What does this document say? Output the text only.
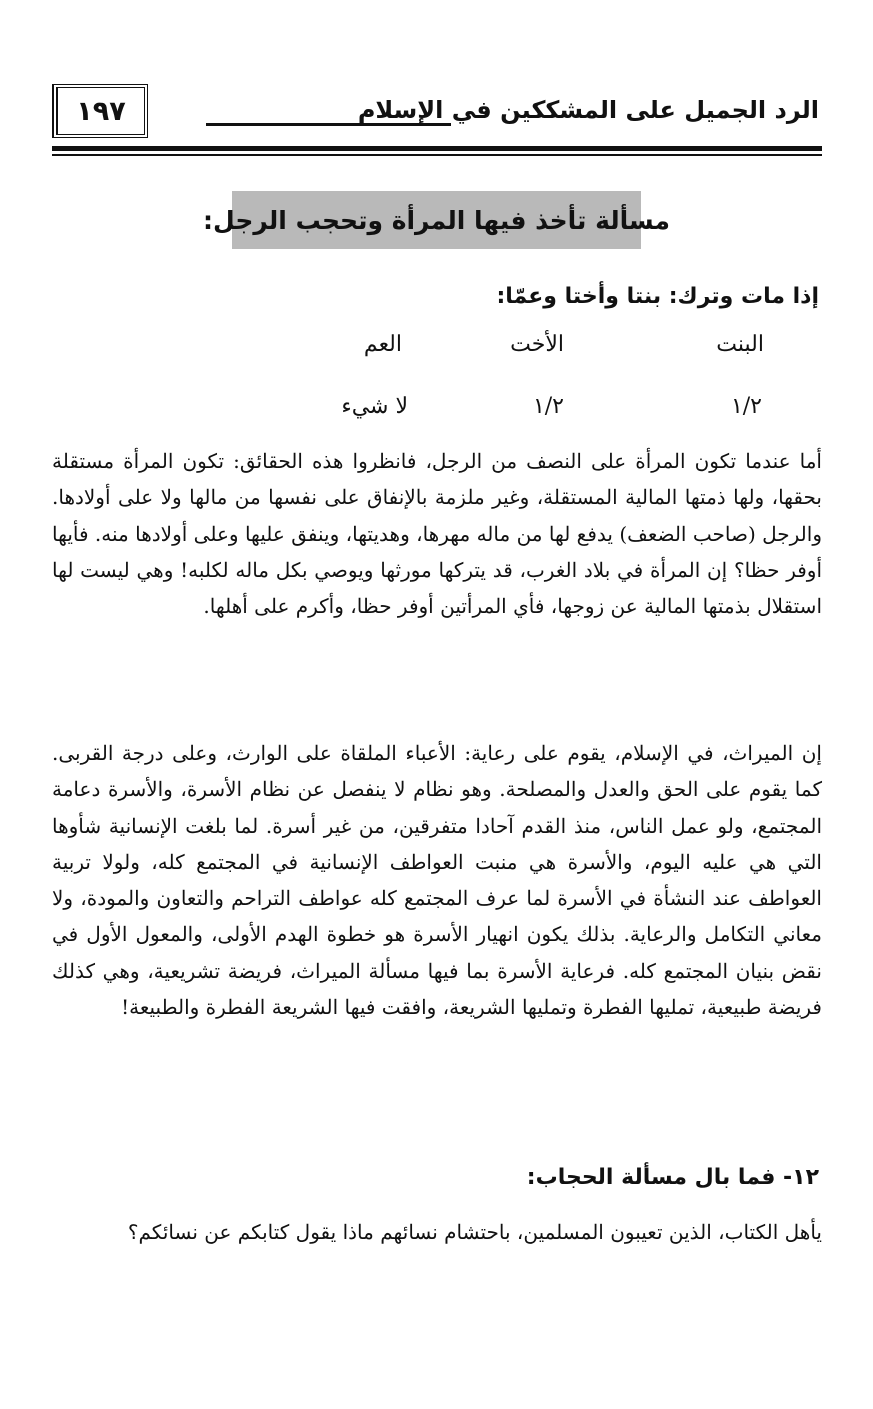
١٩٧	الرد الجميل على المشككين في الإسلام
مسألة تأخذ فيها المرأة وتحجب الرجل:
إذا مات وترك: بنتا وأختا وعمّا:
البنت
الأخت
العم
١/٢
١/٢
لا شيء
أما عندما تكون المرأة على النصف من الرجل، فانظروا هذه الحقائق: تكون المرأة مستقلة بحقها، ولها ذمتها المالية المستقلة، وغير ملزمة بالإنفاق على نفسها من مالها ولا على أولادها. والرجل (صاحب الضعف) يدفع لها من ماله مهرها، وهديتها، وينفق عليها وعلى أولادها منه. فأيها أوفر حظا؟ إن المرأة في بلاد الغرب، قد يتركها مورثها ويوصي بكل ماله لكلبه! وهي ليست لها استقلال بذمتها المالية عن زوجها، فأي المرأتين أوفر حظا، وأكرم على أهلها.
إن الميراث، في الإسلام، يقوم على رعاية: الأعباء الملقاة على الوارث، وعلى درجة القربى. كما يقوم على الحق والعدل والمصلحة. وهو نظام لا ينفصل عن نظام الأسرة، والأسرة دعامة المجتمع، ولو عمل الناس، منذ القدم آحادا متفرقين، من غير أسرة. لما بلغت الإنسانية شأوها التي هي عليه اليوم، والأسرة هي منبت العواطف الإنسانية في المجتمع كله، ولولا تربية العواطف عند النشأة في الأسرة لما عرف المجتمع كله عواطف التراحم والتعاون والمودة، ولا معاني التكامل والرعاية. بذلك يكون انهيار الأسرة هو خطوة الهدم الأولى، والمعول الأول في نقض بنيان المجتمع كله. فرعاية الأسرة بما فيها مسألة الميراث، فريضة تشريعية، وهي كذلك فريضة طبيعية، تمليها الفطرة وتمليها الشريعة، وافقت فيها الشريعة الفطرة والطبيعة!
١٢- فما بال مسألة الحجاب:
يأهل الكتاب، الذين تعيبون المسلمين، باحتشام نسائهم ماذا يقول كتابكم عن نسائكم؟
